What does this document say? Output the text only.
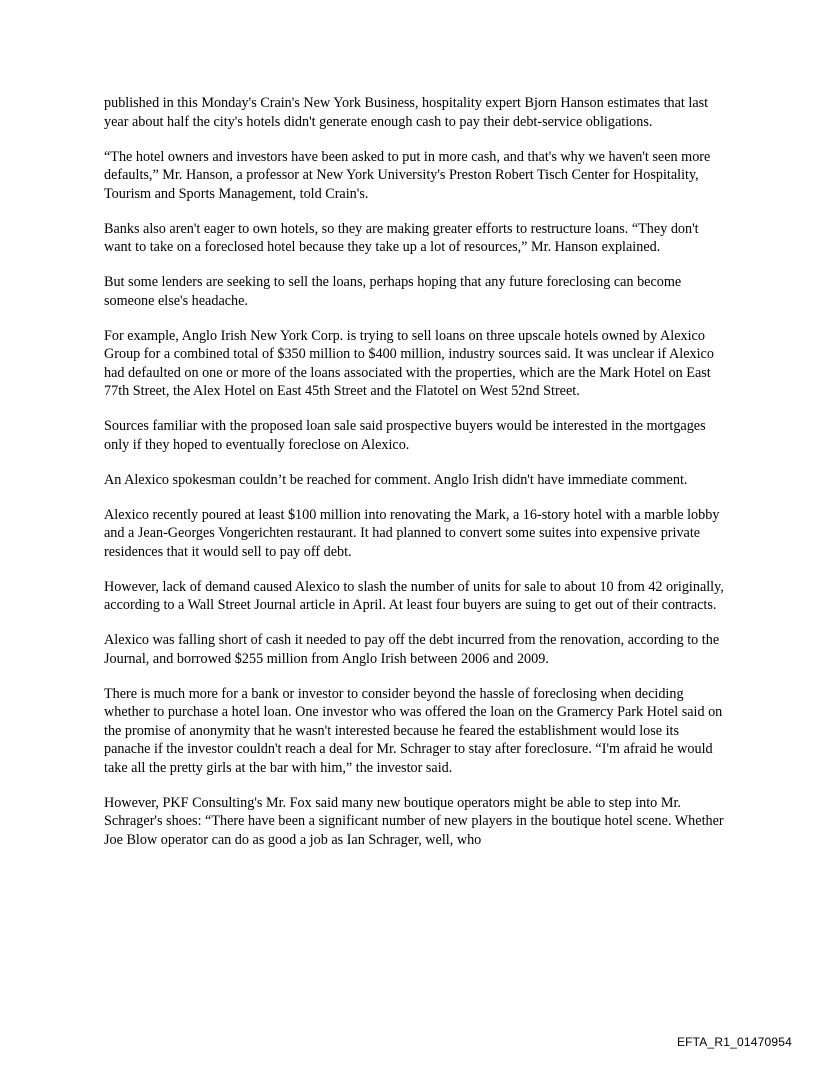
published in this Monday's Crain's New York Business, hospitality expert Bjorn Hanson estimates that last year about half the city's hotels didn't generate enough cash to pay their debt-service obligations.

“The hotel owners and investors have been asked to put in more cash, and that's why we haven't seen more defaults,” Mr. Hanson, a professor at New York University's Preston Robert Tisch Center for Hospitality, Tourism and Sports Management, told Crain's.

Banks also aren't eager to own hotels, so they are making greater efforts to restructure loans. “They don't want to take on a foreclosed hotel because they take up a lot of resources,” Mr. Hanson explained.

But some lenders are seeking to sell the loans, perhaps hoping that any future foreclosing can become someone else's headache.

For example, Anglo Irish New York Corp. is trying to sell loans on three upscale hotels owned by Alexico Group for a combined total of $350 million to $400 million, industry sources said. It was unclear if Alexico had defaulted on one or more of the loans associated with the properties, which are the Mark Hotel on East 77th Street, the Alex Hotel on East 45th Street and the Flatotel on West 52nd Street.

Sources familiar with the proposed loan sale said prospective buyers would be interested in the mortgages only if they hoped to eventually foreclose on Alexico.

An Alexico spokesman couldn’t be reached for comment. Anglo Irish didn't have immediate comment.

Alexico recently poured at least $100 million into renovating the Mark, a 16-story hotel with a marble lobby and a Jean-Georges Vongerichten restaurant. It had planned to convert some suites into expensive private residences that it would sell to pay off debt.

However, lack of demand caused Alexico to slash the number of units for sale to about 10 from 42 originally, according to a Wall Street Journal article in April. At least four buyers are suing to get out of their contracts.

Alexico was falling short of cash it needed to pay off the debt incurred from the renovation, according to the Journal, and borrowed $255 million from Anglo Irish between 2006 and 2009.

There is much more for a bank or investor to consider beyond the hassle of foreclosing when deciding whether to purchase a hotel loan. One investor who was offered the loan on the Gramercy Park Hotel said on the promise of anonymity that he wasn't interested because he feared the establishment would lose its panache if the investor couldn't reach a deal for Mr. Schrager to stay after foreclosure. “I'm afraid he would take all the pretty girls at the bar with him,” the investor said.

However, PKF Consulting's Mr. Fox said many new boutique operators might be able to step into Mr. Schrager's shoes: “There have been a significant number of new players in the boutique hotel scene. Whether Joe Blow operator can do as good a job as Ian Schrager, well, who

EFTA_R1_01470954
